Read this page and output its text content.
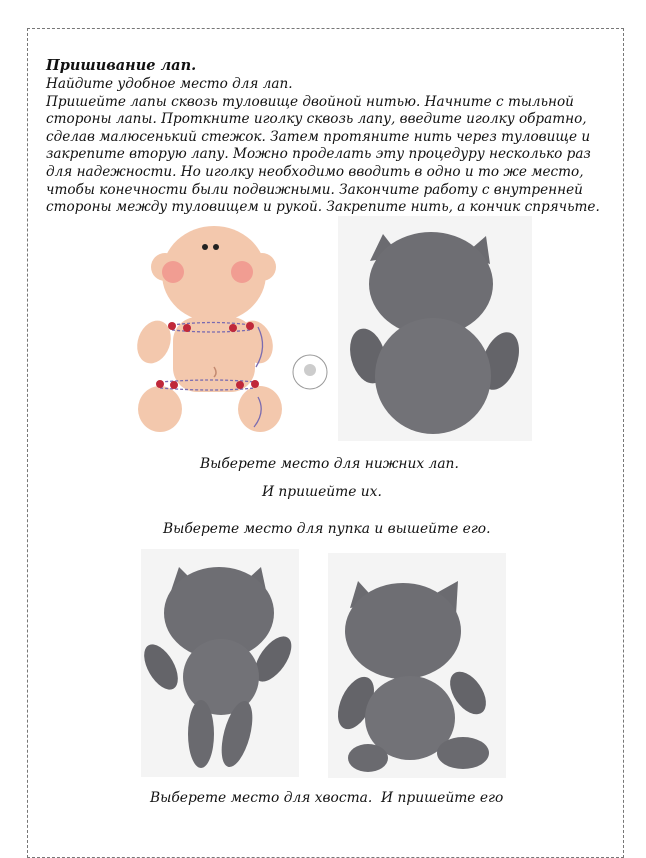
Пришивание лап.

Найдите удобное место для лап.

Пришейте лапы сквозь туловище двойной нитью. Начните с тыльной стороны лапы. Проткните иголку сквозь лапу, введите иголку обратно, сделав малюсенький стежок. Затем протяните нить через туловище и закрепите вторую лапу. Можно проделать эту процедуру несколько раз для надежности. Но иголку необходимо вводить в одно и то же место, чтобы конечности были подвижными. Закончите работу с внутренней стороны между туловищем и рукой. Закрепите нить, а кончик спрячьте.

Выберете место для нижних лап.
И пришейте их.
Выберете место для пупка и вышейте его.
Выберете место для хвоста.  И пришейте его
